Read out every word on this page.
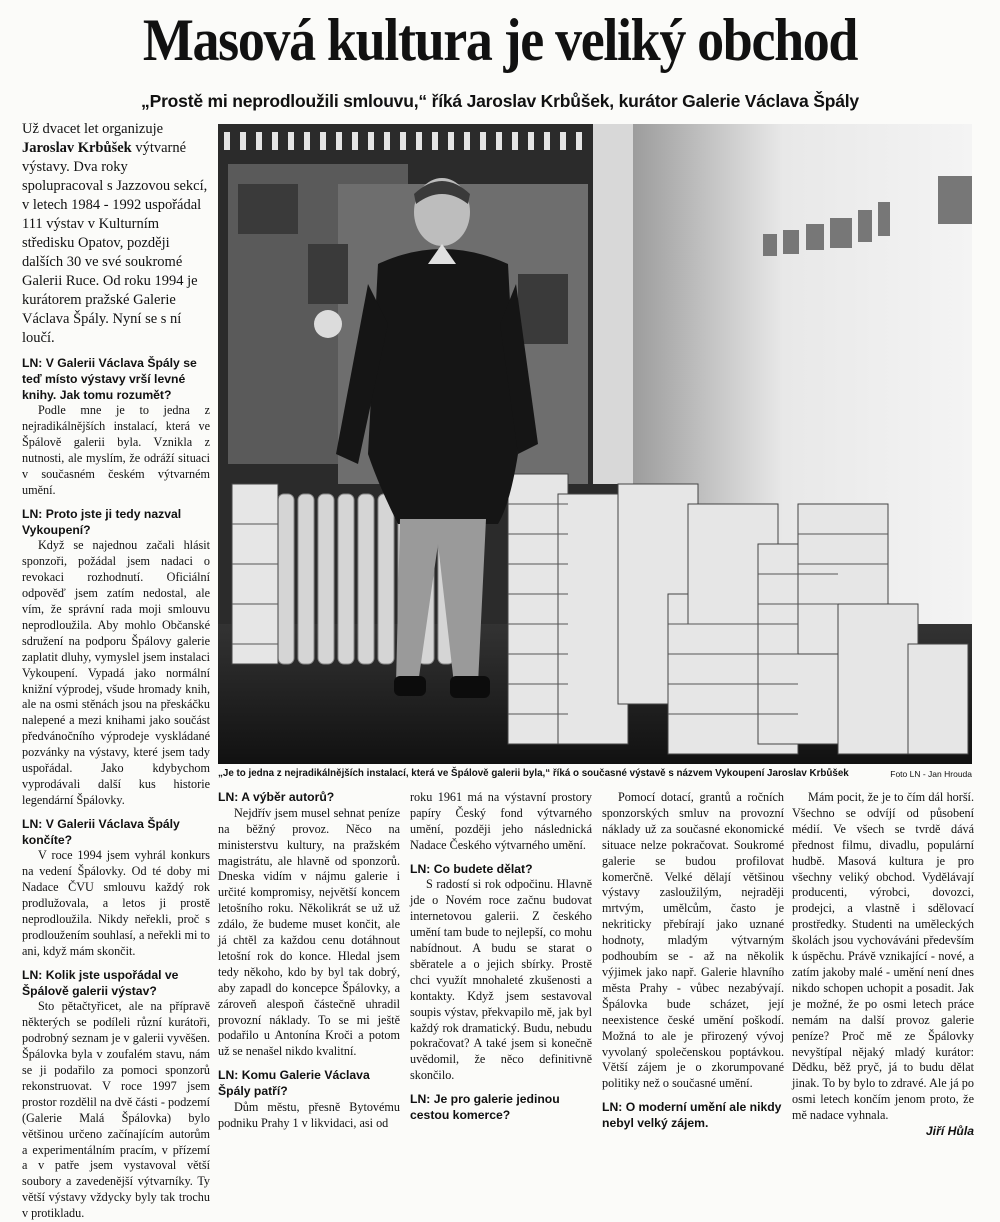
Masová kultura je veliký obchod
„Prostě mi neprodloužili smlouvu,“ říká Jaroslav Krbůšek, kurátor Galerie Václava Špály

Už dvacet let organizuje
Jaroslav Krbůšek výtvarné výstavy. Dva roky spolupracoval s Jazzovou sekcí, v letech 1984 - 1992 uspořádal 111 výstav v Kulturním středisku Opatov, později dalších 30 ve své soukromé Galerii Ruce. Od roku 1994 je kurátorem pražské Galerie Václava Špály. Nyní se s ní loučí.

LN: V Galerii Václava Špály se teď místo výstavy vrší levné knihy. Jak tomu rozumět?

Podle mne je to jedna z nejradikálnějších instalací, která ve Špálově galerii byla. Vznikla z nutnosti, ale myslím, že odráží situaci v současném českém výtvarném umění.

LN: Proto jste ji tedy nazval Vykoupení?

Když se najednou začali hlásit sponzoři, požádal jsem nadaci o revokaci rozhodnutí. Oficiální odpověď jsem zatím nedostal, ale vím, že správní rada moji smlouvu neprodloužila. Aby mohlo Občanské sdružení na podporu Špálovy galerie zaplatit dluhy, vymyslel jsem instalaci Vykoupení. Vypadá jako normální knižní výprodej, všude hromady knih, ale na osmi stěnách jsou na přeskáčku nalepené a mezi knihami jako součást předvánočního výprodeje vyskládané pozvánky na výstavy, které jsem tady uspořádal. Jako kdybychom vyprodávali další kus historie legendární Špálovky.

LN: V Galerii Václava Špály končíte?

V roce 1994 jsem vyhrál konkurs na vedení Špálovky. Od té doby mi Nadace ČVU smlouvu každý rok prodlužovala, a letos ji prostě neprodloužila. Nikdy neřekli, proč s prodloužením souhlasí, a neřekli mi to ani, když mám skončit.

LN: Kolik jste uspořádal ve Špálově galerii výstav?

Sto pětačtyřicet, ale na přípravě některých se podíleli různí kurátoři, podrobný seznam je v galerii vyvěšen. Špálovka byla v zoufalém stavu, nám se ji podařilo za pomoci sponzorů rekonstruovat. V roce 1997 jsem prostor rozdělil na dvě části - podzemí (Galerie Malá Špálovka) bylo většinou určeno začínajícím autorům a experimentálním pracím, v přízemí a v patře jsem vystavoval větší soubory a zavedenější výtvarníky. Ty větší výstavy vždycky byly tak trochu v protikladu.

„Je to jedna z nejradikálnějších instalací, která ve Špálově galerii byla,“ říká o současné výstavě s názvem Vykoupení Jaroslav Krbůšek	Foto LN - Jan Hrouda

LN: A výběr autorů?

Nejdřív jsem musel sehnat peníze na běžný provoz. Něco na ministerstvu kultury, na pražském magistrátu, ale hlavně od sponzorů. Dneska vidím v nájmu galerie i určité kompromisy, největší koncem letošního roku. Několikrát se už už zdálo, že budeme muset končit, ale já chtěl za každou cenu dotáhnout letošní rok do konce. Hledal jsem tedy někoho, kdo by byl tak dobrý, aby zapadl do koncepce Špálovky, a zároveň alespoň částečně uhradil provozní náklady. To se mi ještě podařilo u Antonína Kroči a potom už se nenašel nikdo kvalitní.

LN: Komu Galerie Václava Špály patří?

Dům městu, přesně Bytovému podniku Prahy 1 v likvidaci, asi od

roku 1961 má na výstavní prostory papíry Český fond výtvarného umění, později jeho následnická Nadace Českého výtvarného umění.

LN: Co budete dělat?

S radostí si rok odpočinu. Hlavně jde o Novém roce začnu budovat internetovou galerii. Z českého umění tam bude to nejlepší, co mohu nabídnout. A budu se starat o sběratele a o jejich sbírky. Prostě chci využít mnohaleté zkušenosti a kontakty. Když jsem sestavoval soupis výstav, překvapilo mě, jak byl každý rok dramatický. Budu, nebudu pokračovat? A také jsem si konečně uvědomil, že něco definitivně skončilo.

LN: Je pro galerie jedinou cestou komerce?

Pomocí dotací, grantů a ročních sponzorských smluv na provozní náklady už za současné ekonomické situace nelze pokračovat. Soukromé galerie se budou profilovat komerčně. Velké dělají většinou výstavy zasloužilým, nejraději mrtvým, umělcům, často je nekriticky přebírají jako uznané hodnoty, mladým výtvarným podhoubím se - až na několik výjimek jako např. Galerie hlavního města Prahy - vůbec nezabývají. Špálovka bude scházet, její neexistence české umění poškodí. Možná to ale je přirozený vývoj vyvolaný společenskou poptávkou. Větší zájem je o zkorumpované politiky než o současné umění.

LN: O moderní umění ale nikdy nebyl velký zájem.

Mám pocit, že je to čím dál horší. Všechno se odvíjí od působení médií. Ve všech se tvrdě dává přednost filmu, divadlu, populární hudbě. Masová kultura je pro všechny veliký obchod. Vydělávají producenti, výrobci, dovozci, prodejci, a vlastně i sdělovací prostředky. Studenti na uměleckých školách jsou vychováváni především k úspěchu. Právě vznikající - nové, a zatím jakoby malé - umění není dnes nikdo schopen uchopit a posadit. Jak je možné, že po osmi letech práce nemám na další provoz galerie peníze? Proč mě ze Špálovky nevyštípal nějaký mladý kurátor: Dědku, běž pryč, já to budu dělat jinak. To by bylo to zdravé. Ale já po osmi letech končím jenom proto, že mě nadace vyhnala.

Jiří Hůla
